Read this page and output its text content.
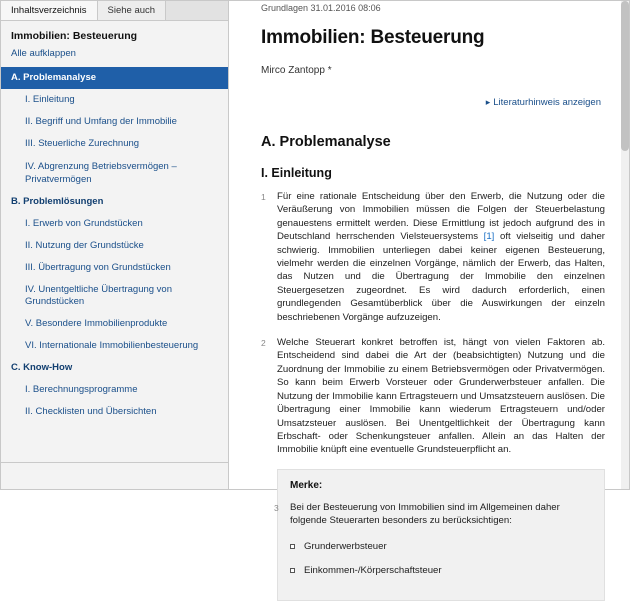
Inhaltsverzeichnis	Siehe auch
Immobilien: Besteuerung
Alle aufklappen
A. Problemanalyse
I. Einleitung
II. Begriff und Umfang der Immobilie
III. Steuerliche Zurechnung
IV. Abgrenzung Betriebsvermögen – Privatvermögen
B. Problemlösungen
I. Erwerb von Grundstücken
II. Nutzung der Grundstücke
III. Übertragung von Grundstücken
IV. Unentgeltliche Übertragung von Grundstücken
V. Besondere Immobilienprodukte
VI. Internationale Immobilienbesteuerung
C. Know-How
I. Berechnungsprogramme
II. Checklisten und Übersichten
Grundlagen 31.01.2016 08:06
Immobilien: Besteuerung
Mirco Zantopp *
▸ Literaturhinweis anzeigen
A. Problemanalyse
I. Einleitung
1	Für eine rationale Entscheidung über den Erwerb, die Nutzung oder die Veräußerung von Immobilien müssen die Folgen der Steuerbelastung genauestens ermittelt werden. Diese Ermittlung ist jedoch aufgrund des in Deutschland herrschenden Vielsteuersystems [1] oft vielseitig und daher schwierig. Immobilien unterliegen dabei keiner eigenen Besteuerung, vielmehr werden die einzelnen Vorgänge, nämlich der Erwerb, das Halten, das Nutzen und die Übertragung der Immobilie den einzelnen Steuergesetzen zugeordnet. Es wird dadurch erforderlich, einen grundlegenden Gesamtüberblick über die Auswirkungen der einzeln beschriebenen Vorgänge aufzuzeigen.
2	Welche Steuerart konkret betroffen ist, hängt von vielen Faktoren ab. Entscheidend sind dabei die Art der (beabsichtigten) Nutzung und die Zuordnung der Immobilie zu einem Betriebsvermögen oder Privatvermögen. So kann beim Erwerb Vorsteuer oder Grunderwerbsteuer anfallen. Die Nutzung der Immobilie kann Ertragsteuern und Umsatzsteuern auslösen. Die Übertragung einer Immobilie kann wiederum Ertragsteuern und/oder Umsatzsteuer auslösen. Bei Unentgeltlichkeit der Übertragung kann Erbschaft- oder Schenkungsteuer anfallen. Allein an das Halten der Immobilie knüpft eine eventuelle Grundsteuerpflicht an.
Merke:
3	Bei der Besteuerung von Immobilien sind im Allgemeinen daher folgende Steuerarten besonders zu berücksichtigen:
Grunderwerbsteuer
Einkommen-/Körperschaftsteuer
